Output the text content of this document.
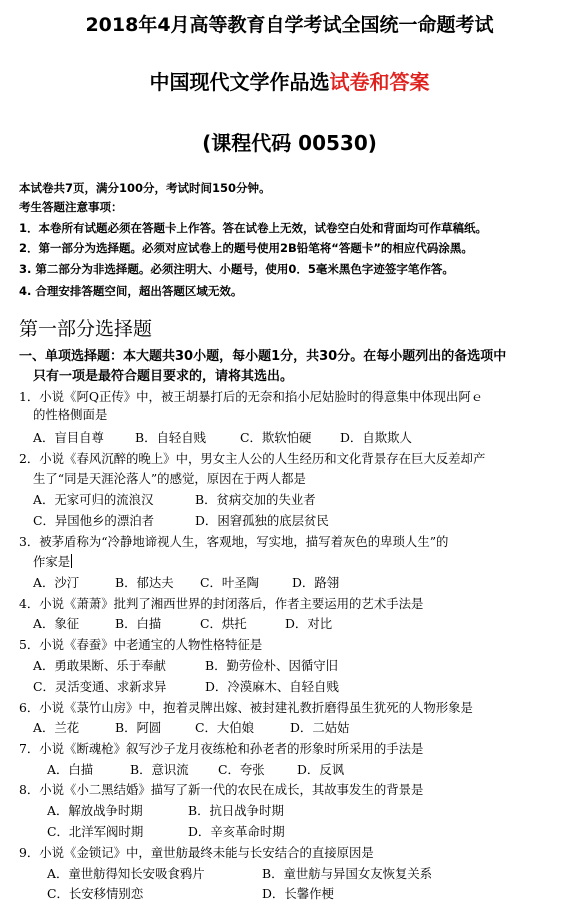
2018年4月高等教育自学考试全国统一命题考试
中国现代文学作品选试卷和答案
(课程代码 00530)
本试卷共7页，满分100分，考试时间150分钟。
考生答题注意事项：
1．本卷所有试题必须在答题卡上作答。答在试卷上无效，试卷空白处和背面均可作草稿纸。
2．第一部分为选择题。必须对应试卷上的题号使用2B铅笔将“答题卡”的相应代码涂黑。
3. 第二部分为非选择题。必须注明大、小题号，使用0．5毫米黑色字迹签字笔作答。
4. 合理安排答题空间，超出答题区域无效。
第一部分选择题
一、单项选择题：本大题共30小题，每小题1分，共30分。在每小题列出的备选项中
只有一项是最符合题目要求的，请将其选出。
1．小说《阿Q正传》中，被王胡暴打后的无奈和掐小尼姑脸时的得意集中体现出阿ｅ
的性格侧面是
A．盲目自尊	B．自轻自贱	C．欺软怕硬 D．自欺欺人
2．小说《春风沉醉的晚上》中，男女主人公的人生经历和文化背景存在巨大反差却产
生了“同是天涯沦落人”的感觉，原因在于两人都是
A．无家可归的流浪汉	B．贫病交加的失业者
C．异国他乡的漂泊者	D．困窘孤独的底层贫民
3．被茅盾称为“冷静地谛视人生，客观地，写实地，描写着灰色的卑琐人生”的
作家是
A．沙汀	B．郁达夫 C．叶圣陶	D．路翎
4．小说《萧萧》批判了湘西世界的封闭落后，作者主要运用的艺术手法是
A．象征	B．白描	C．烘托	D．对比
5．小说《春蚕》中老通宝的人物性格特征是
A．勇敢果断、乐于奉献	B．勤劳俭朴、因循守旧
C．灵活变通、求新求异	D．冷漠麻木、自轻自贱
6．小说《菉竹山房》中，抱着灵牌出嫁、被封建礼教折磨得虽生犹死的人物形象是
A．兰花	B．阿圆	C．大伯娘	D．二姑姑
7．小说《断魂枪》叙写沙子龙月夜练枪和孙老者的形象时所采用的手法是
A．白描	B．意识流 C．夸张	D．反讽
8．小说《小二黑结婚》描写了新一代的农民在成长，其故事发生的背景是
A．解放战争时期	B．抗日战争时期
C．北洋军阀时期	D．辛亥革命时期
9．小说《金锁记》中，童世舫最终未能与长安结合的直接原因是
A．童世舫得知长安吸食鸦片	B．童世舫与异国女友恢复关系
C．长安移情别恋	D．长馨作梗
